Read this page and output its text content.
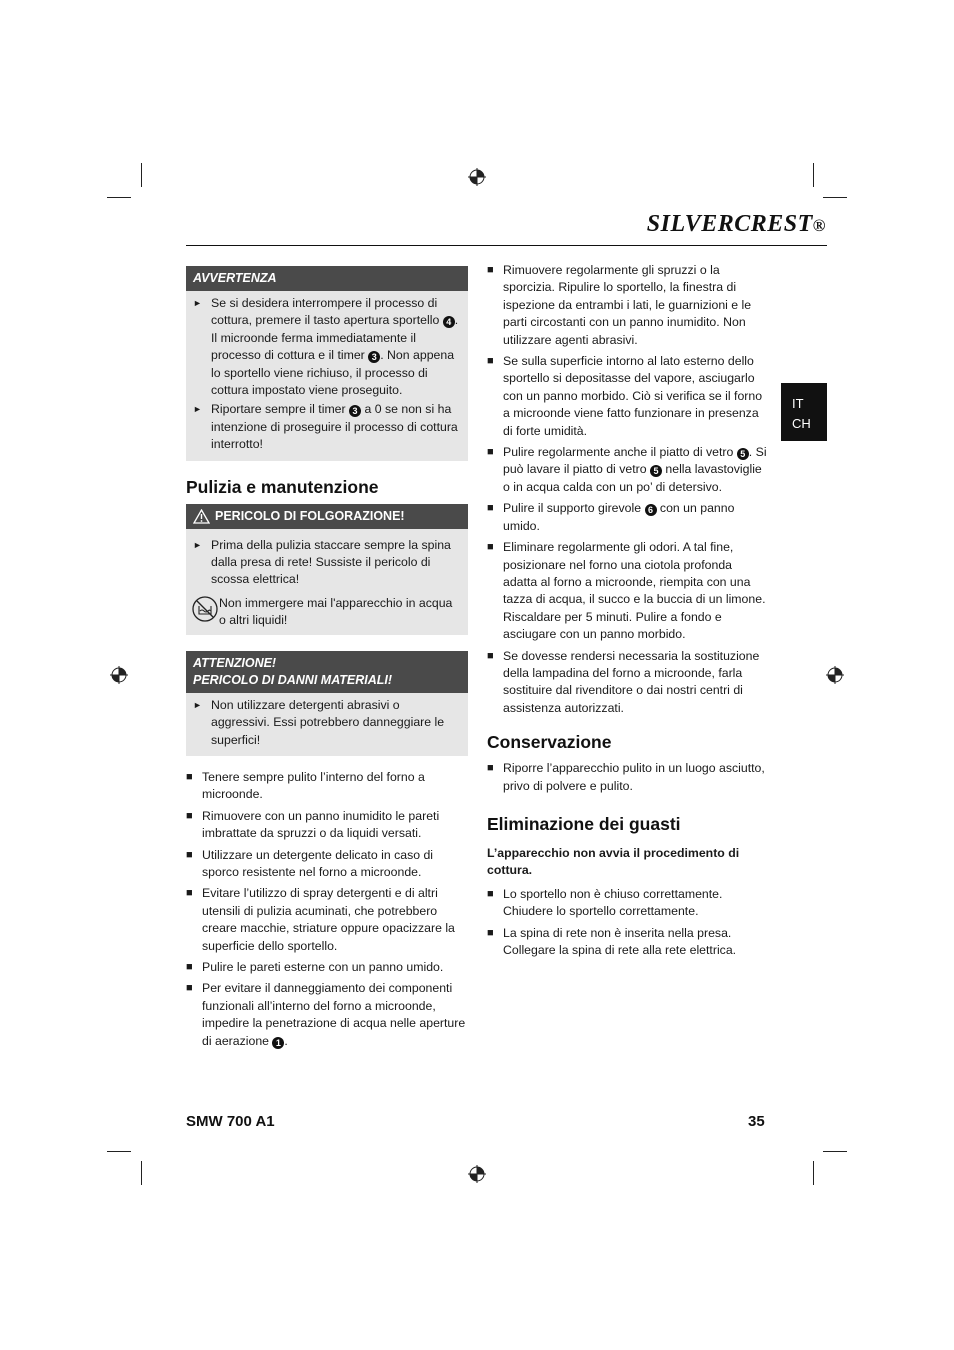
SILVERCREST®
IT
CH
AVVERTENZA
► Se si desidera interrompere il processo di cottura, premere il tasto apertura sportello 4 . Il microonde ferma immediatamente il processo di cottura e il timer 3 . Non appena lo sportello viene richiuso, il processo di cottura impostato viene proseguito.
► Riportare sempre il timer 3 a 0 se non si ha intenzione di proseguire il processo di cottura interrotto!
Pulizia e manutenzione
PERICOLO DI FOLGORAZIONE!
► Prima della pulizia staccare sempre la spina dalla presa di rete! Sussiste il pericolo di scossa elettrica!
Non immergere mai l'apparecchio in acqua o altri liquidi!
ATTENZIONE!
PERICOLO DI DANNI MATERIALI!
► Non utilizzare detergenti abrasivi o aggressivi. Essi potrebbero danneggiare le superfici!
■ Tenere sempre pulito l’interno del forno a microonde.
■ Rimuovere con un panno inumidito le pareti imbrattate da spruzzi o da liquidi versati.
■ Utilizzare un detergente delicato in caso di sporco resistente nel forno a microonde.
■ Evitare l’utilizzo di spray detergenti e di altri utensili di pulizia acuminati, che potrebbero creare macchie, striature oppure opacizzare la superficie dello sportello.
■ Pulire le pareti esterne con un panno umido.
■ Per evitare il danneggiamento dei componenti funzionali all’interno del forno a microonde, impedire la penetrazione di acqua nelle aperture di aerazione 1 .
■ Rimuovere regolarmente gli spruzzi o la sporcizia. Ripulire lo sportello, la finestra di ispezione da entrambi i lati, le guarnizioni e le parti circostanti con un panno inumidito. Non utilizzare agenti abrasivi.
■ Se sulla superficie intorno al lato esterno dello sportello si depositasse del vapore, asciugarlo con un panno morbido. Ciò si verifica se il forno a microonde viene fatto funzionare in presenza di forte umidità.
■ Pulire regolarmente anche il piatto di vetro 5 . Si può lavare il piatto di vetro 5 nella lavastoviglie o in acqua calda con un po’ di detersivo.
■ Pulire il supporto girevole 6 con un panno umido.
■ Eliminare regolarmente gli odori. A tal fine, posizionare nel forno una ciotola profonda adatta al forno a microonde, riempita con una tazza di acqua, il succo e la buccia di un limone. Riscaldare per 5 minuti. Pulire a fondo e asciugare con un panno morbido.
■ Se dovesse rendersi necessaria la sostituzione della lampadina del forno a microonde, farla sostituire dal rivenditore o dai nostri centri di assistenza autorizzati.
Conservazione
■ Riporre l’apparecchio pulito in un luogo asciutto, privo di polvere e pulito.
Eliminazione dei guasti
L’apparecchio non avvia il procedimento di cottura.
■ Lo sportello non è chiuso correttamente. Chiudere lo sportello correttamente.
■ La spina di rete non è inserita nella presa. Collegare la spina di rete alla rete elettrica.
SMW 700 A1	35
